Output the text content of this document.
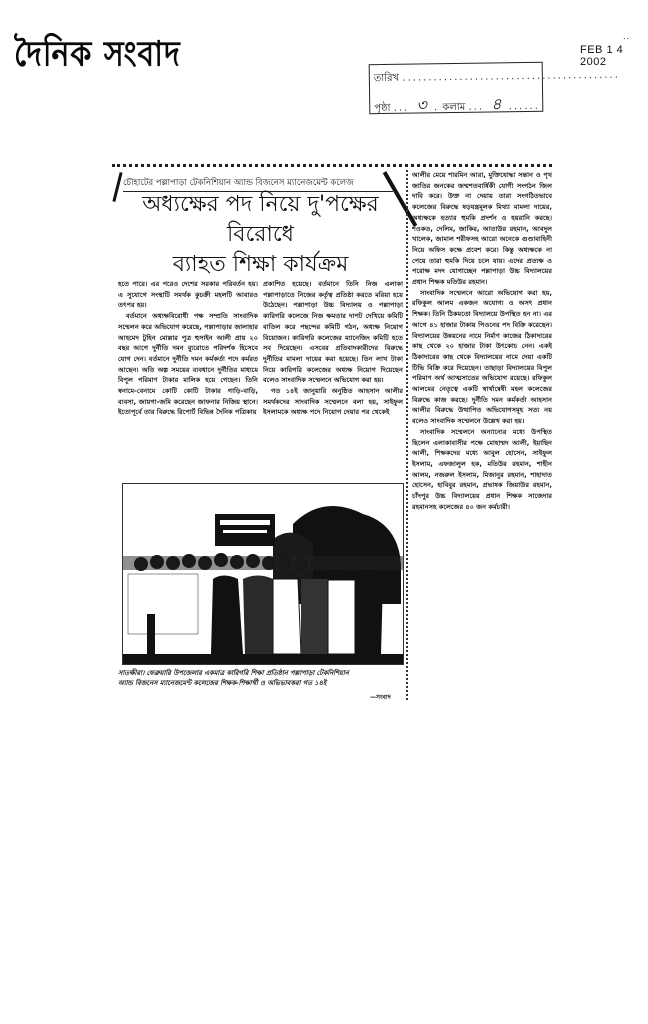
দৈনিক সংবাদ	..
FEB 1 4 2002
তারিখ ..........................................
পৃষ্ঠা ... ৩ . কলাম ... ৪ ......
চৌহাটের পল্লাপাড়া টেকনিশিয়ান অ্যান্ড বিজনেস ম্যানেজমেন্ট কলেজ
অধ্যক্ষের পদ নিয়ে দু'পক্ষের বিরোধে
ব্যাহত শিক্ষা কার্যক্রম

হতে পারে। এর পরেও দেশের সরকার পরিবর্তন হয়। এ সুযোগে সংস্থাটি সমর্থক কুচক্রী মহলটি আবারও তৎপর হয়।

বর্তমানে অধ্যক্ষবিরোধী পক্ষ সম্প্রতি সাংবাদিক সম্মেলন করে অভিযোগ করেছে, পল্লাপাড়ার জালাহার আহমেদ টুহিন মোল্লার পুত্র হুসাইন আলী প্রায় ২০ বছর আগে দুর্নীতি দমন ব্যুরোতে পরিদর্শক হিসেবে যোগ দেন। বর্তমানে দুর্নীতি দমন কর্মকর্তা পদে কর্মরত আছেন। অতি অল্প সময়ের ব্যবধানে দুর্নীতির মাধ্যমে বিপুল পরিমাণ টাকার মালিক হয়ে গেছেন। তিনি স্বনামে-বেনামে কোটি কোটি টাকার গাড়ি-বাড়ি, ব্যবসা, জায়গা-জমি করেছেন জাফনার নিজিয় স্থানে। ইতোপূর্বে তার বিরুদ্ধে রিপোর্ট বিভিন্ন দৈনিক পত্রিকায়

প্রকাশিত হয়েছে। বর্তমানে তিনি নিজ এলাকা পল্লাপাড়াতে নিজের কর্তৃত্ব প্রতিষ্ঠা করতে মরিয়া হয়ে উঠেছেন। পল্লাপাড়া উচ্চ বিদ্যালয় ও পল্লাপাড়া কারিগরি কলেজে নিজ ক্ষমতার দাপট দেখিয়ে কমিটি বাতিল করে পছন্দের কমিটি গঠন, অধ্যক্ষ নিয়োগ বিয়োজন। কারিগরি কলেজের ম্যানেজিং কমিটি হতে সব দিয়েছেন। এসবের প্রতিবাদকারীদের বিরুদ্ধে দুর্নীতির মামলা দায়ের করা হয়েছে। তিন লাখ টাকা নিয়ে কারিগরি কলেজের অধ্যক্ষ নিয়োগ দিয়েছেন বলেও সাংবাদিক সম্মেলনে অভিযোগ করা হয়।

গত ১৪ই জানুয়ারি অনুষ্ঠিত আহসান আলীর সমর্থকদের সাংবাদিক সম্মেলনে বলা হয়, সাইফুল ইসলামকে অধ্যক্ষ পদে নিয়োগ দেয়ার পর থেকেই

আলীর মেয়ে শারমিন আরা, মুক্তিযোদ্ধা সন্তান ও পৃথ জাতির জনকের জন্মশতবার্ষিকী যোগী সংগঠন জিল দাবি করে। উক্ত না দেয়ায় তারা সংগঠিতভাবে কলেজের বিরুদ্ধে ষড়যন্ত্রমূলক মিথ্যা মামলা দায়ের, অধ্যক্ষকে হত্যার হুমকি প্রদর্শন ও হয়রানি করছে। শওকত, দেলিম, জাকির, আতাউর রহমান, আবদুল খালেক, জামাল শরীফসহ আরো অনেকে গুণ্ডাবাহিনী নিয়ে অফিস কক্ষে প্রবেশ করে। কিন্তু অধ্যক্ষকে না পেয়ে তারা হুমকি দিয়ে চলে যায়। এদের প্রত্যক্ষ ও পরোক্ষ মদদ যোগাচ্ছেন পল্লাপাড়া উচ্চ বিদ্যালয়ের প্রধান শিক্ষক মতিউর রহমান।

সাংবাদিক সম্মেলনে আরো অভিযোগ করা হয়, রফিকুল আলম একজন অযোগ্য ও অসৎ প্রধান শিক্ষক। তিনি ঠিকমতো বিদ্যালয়ে উপস্থিত হন না। এর আগে ৪১ হাজার টাকায় পিওনের পদ বিক্রি করেছেন। বিদ্যালয়ের উন্নয়নের নামে নির্মাণ কাজের ঠিকাদারের কাছ থেকে ২০ হাজার টাকা উৎকোচ নেন। একই ঠিকাদারের কাছ থেকে বিদ্যালয়ের নামে দেয়া একটি টিভি বিক্রি করে দিয়েছেন। তাছাড়া বিদ্যালয়ের বিপুল পরিমাণ অর্থ আত্মসাতের অভিযোগ রয়েছে। রফিকুল আলমের নেতৃত্বে একটি স্বার্থান্বেষী মহল কলেজের বিরুদ্ধে কাজ করছে। দুর্নীতি দমন কর্মকর্তা আহসান আলীর বিরুদ্ধে উত্থাপিত অভিযোগসমূহ সত্য নয় বলেও সাংবাদিক সম্মেলনে উল্লেখ করা হয়।

সাংবাদিক সম্মেলনে অন্যান্যের মধ্যে উপস্থিত ছিলেন এলাকাবাসীর পক্ষে মোহাম্মদ আলী, ইয়াছিন আলী, শিক্ষকদের মধ্যে আবুল হোসেন, সাইফুল ইসলাম, এফজালুল হক, মতিউর রহমান, শাহীন আলম, নজরুল ইসলাম, মিজানুর রহমান, শাহাদাত হোসেন, হাবিবুর রহমান, প্রভাষক জিয়াউর রহমান, চাঁদপুর উচ্চ বিদ্যালয়ের প্রধান শিক্ষক সাজেদার রহমানসহ কলেজের ৪০ জন কর্মচারী।

সাতক্ষীরা। ফেব্রুয়ারি উপজেলার একমাত্র কারিগরি শিক্ষা প্রতিষ্ঠান পল্লাপাড়া টেকনিশিয়ান
অ্যান্ড বিজনেস ম্যানেজমেন্ট কলেজের শিক্ষক-শিক্ষার্থী ও অভিভাবকরা গত ১৪ই
—সংবাদ
